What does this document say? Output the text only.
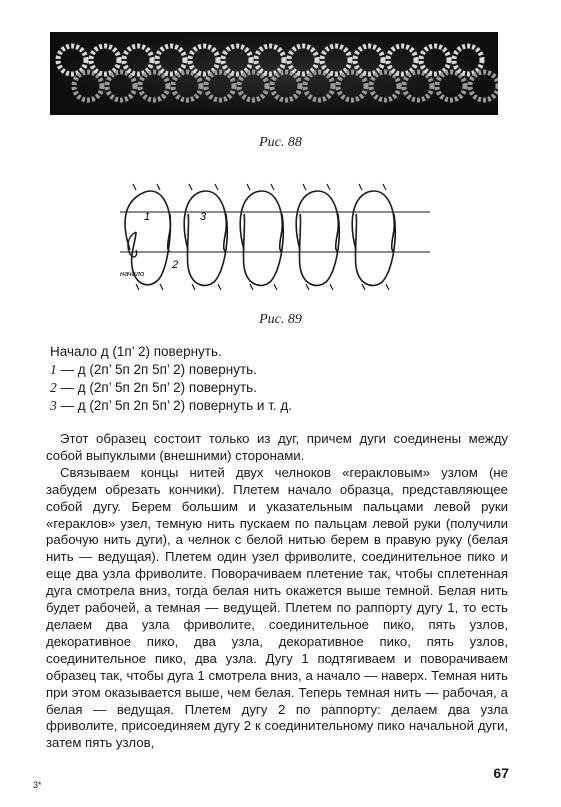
Рис. 88
1	3
2
начало
Рис. 89
Начало д (1п’ 2) повернуть.
1 — д (2п’ 5п 2п 5п’ 2) повернуть.
2 — д (2п’ 5п 2п 5п’ 2) повернуть.
3 — д (2п’ 5п 2п 5п’ 2) повернуть и т. д.

Этот образец состоит только из дуг, причем дуги соединены между собой выпуклыми (внешними) сторонами.

Связываем концы нитей двух челноков «геракловым» узлом (не забудем обрезать кончики). Плетем начало образца, представляющее собой дугу. Берем большим и указательным пальцами левой руки «гераклов» узел, темную нить пускаем по пальцам левой руки (получили рабочую нить дуги), а челнок с белой нитью берем в правую руку (белая нить — ведущая). Плетем один узел фриволите, соединительное пико и еще два узла фриволите. Поворачиваем плетение так, чтобы сплетенная дуга смотрела вниз, тогда белая нить окажется выше темной. Белая нить будет рабочей, а темная — ведущей. Плетем по раппорту дугу 1, то есть делаем два узла фриволите, соединительное пико, пять узлов, декоративное пико, два узла, декоративное пико, пять узлов, соединительное пико, два узла. Дугу 1 подтягиваем и поворачиваем образец так, чтобы дуга 1 смотрела вниз, а начало — наверх. Темная нить при этом оказывается выше, чем белая. Теперь темная нить — рабочая, а белая — ведущая. Плетем дугу 2 по раппорту: делаем два узла фриволите, присоединяем дугу 2 к соединительному пико начальной дуги, затем пять узлов,

3*
67
